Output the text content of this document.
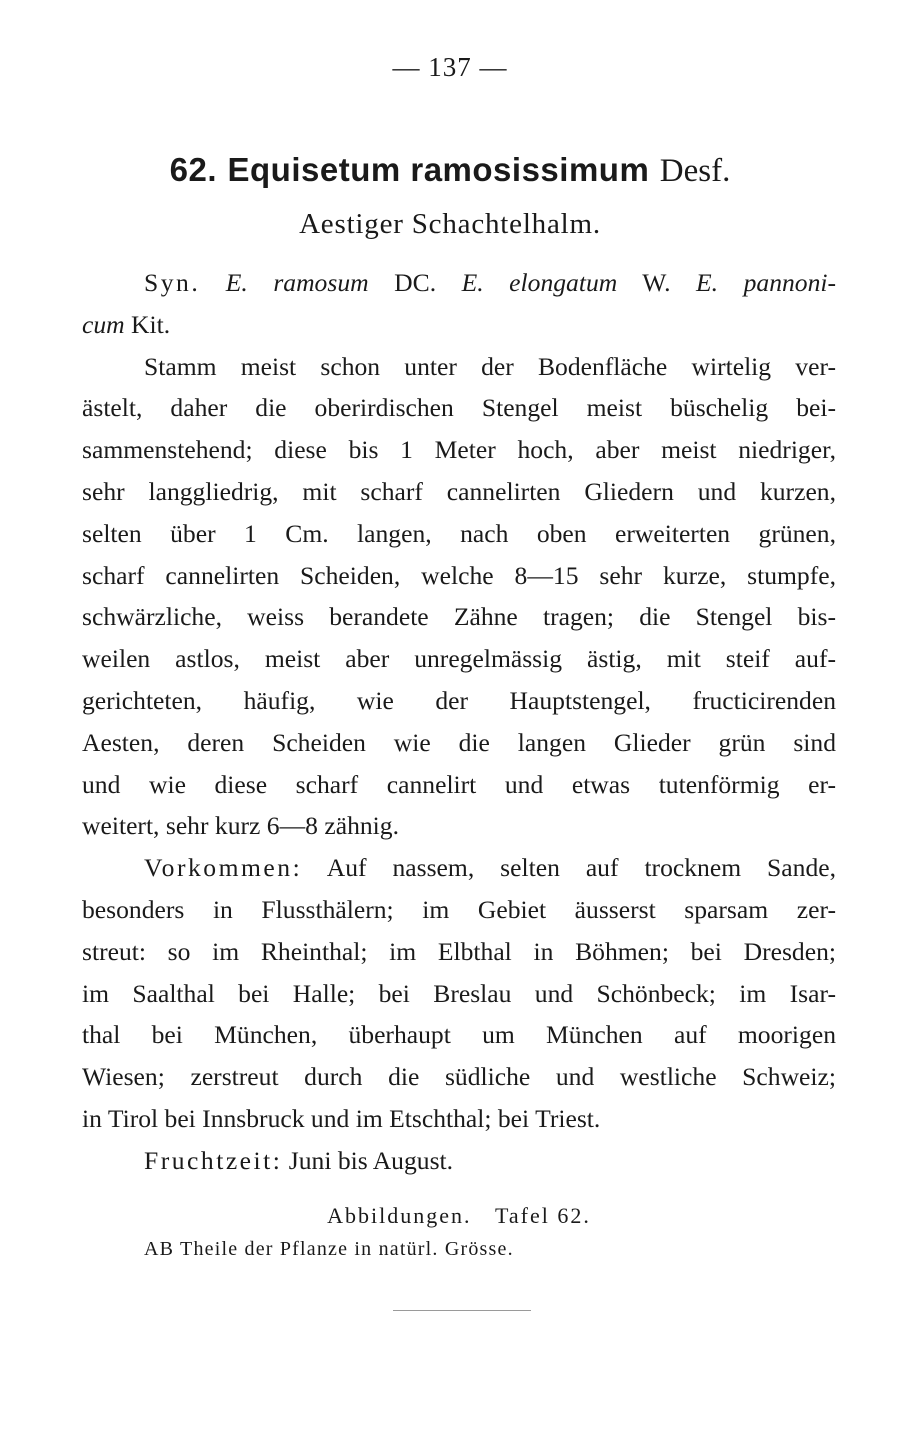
— 137 —
62. Equisetum ramosissimum Desf.
Aestiger Schachtelhalm.
Syn. E. ramosum DC. E. elongatum W. E. pannoni-
cum Kit.
Stamm meist schon unter der Bodenfläche wirtelig ver-
ästelt, daher die oberirdischen Stengel meist büschelig bei-
sammenstehend; diese bis 1 Meter hoch, aber meist niedriger,
sehr langgliedrig, mit scharf cannelirten Gliedern und kurzen,
selten über 1 Cm. langen, nach oben erweiterten grünen,
scharf cannelirten Scheiden, welche 8—15 sehr kurze, stumpfe,
schwärzliche, weiss berandete Zähne tragen; die Stengel bis-
weilen astlos, meist aber unregelmässig ästig, mit steif auf-
gerichteten, häufig, wie der Hauptstengel, fructicirenden
Aesten, deren Scheiden wie die langen Glieder grün sind
und wie diese scharf cannelirt und etwas tutenförmig er-
weitert, sehr kurz 6—8 zähnig.
Vorkommen: Auf nassem, selten auf trocknem Sande,
besonders in Flussthälern; im Gebiet äusserst sparsam zer-
streut: so im Rheinthal; im Elbthal in Böhmen; bei Dresden;
im Saalthal bei Halle; bei Breslau und Schönbeck; im Isar-
thal bei München, überhaupt um München auf moorigen
Wiesen; zerstreut durch die südliche und westliche Schweiz;
in Tirol bei Innsbruck und im Etschthal; bei Triest.
Fruchtzeit: Juni bis August.
Abbildungen. Tafel 62.
AB Theile der Pflanze in natürl. Grösse.
